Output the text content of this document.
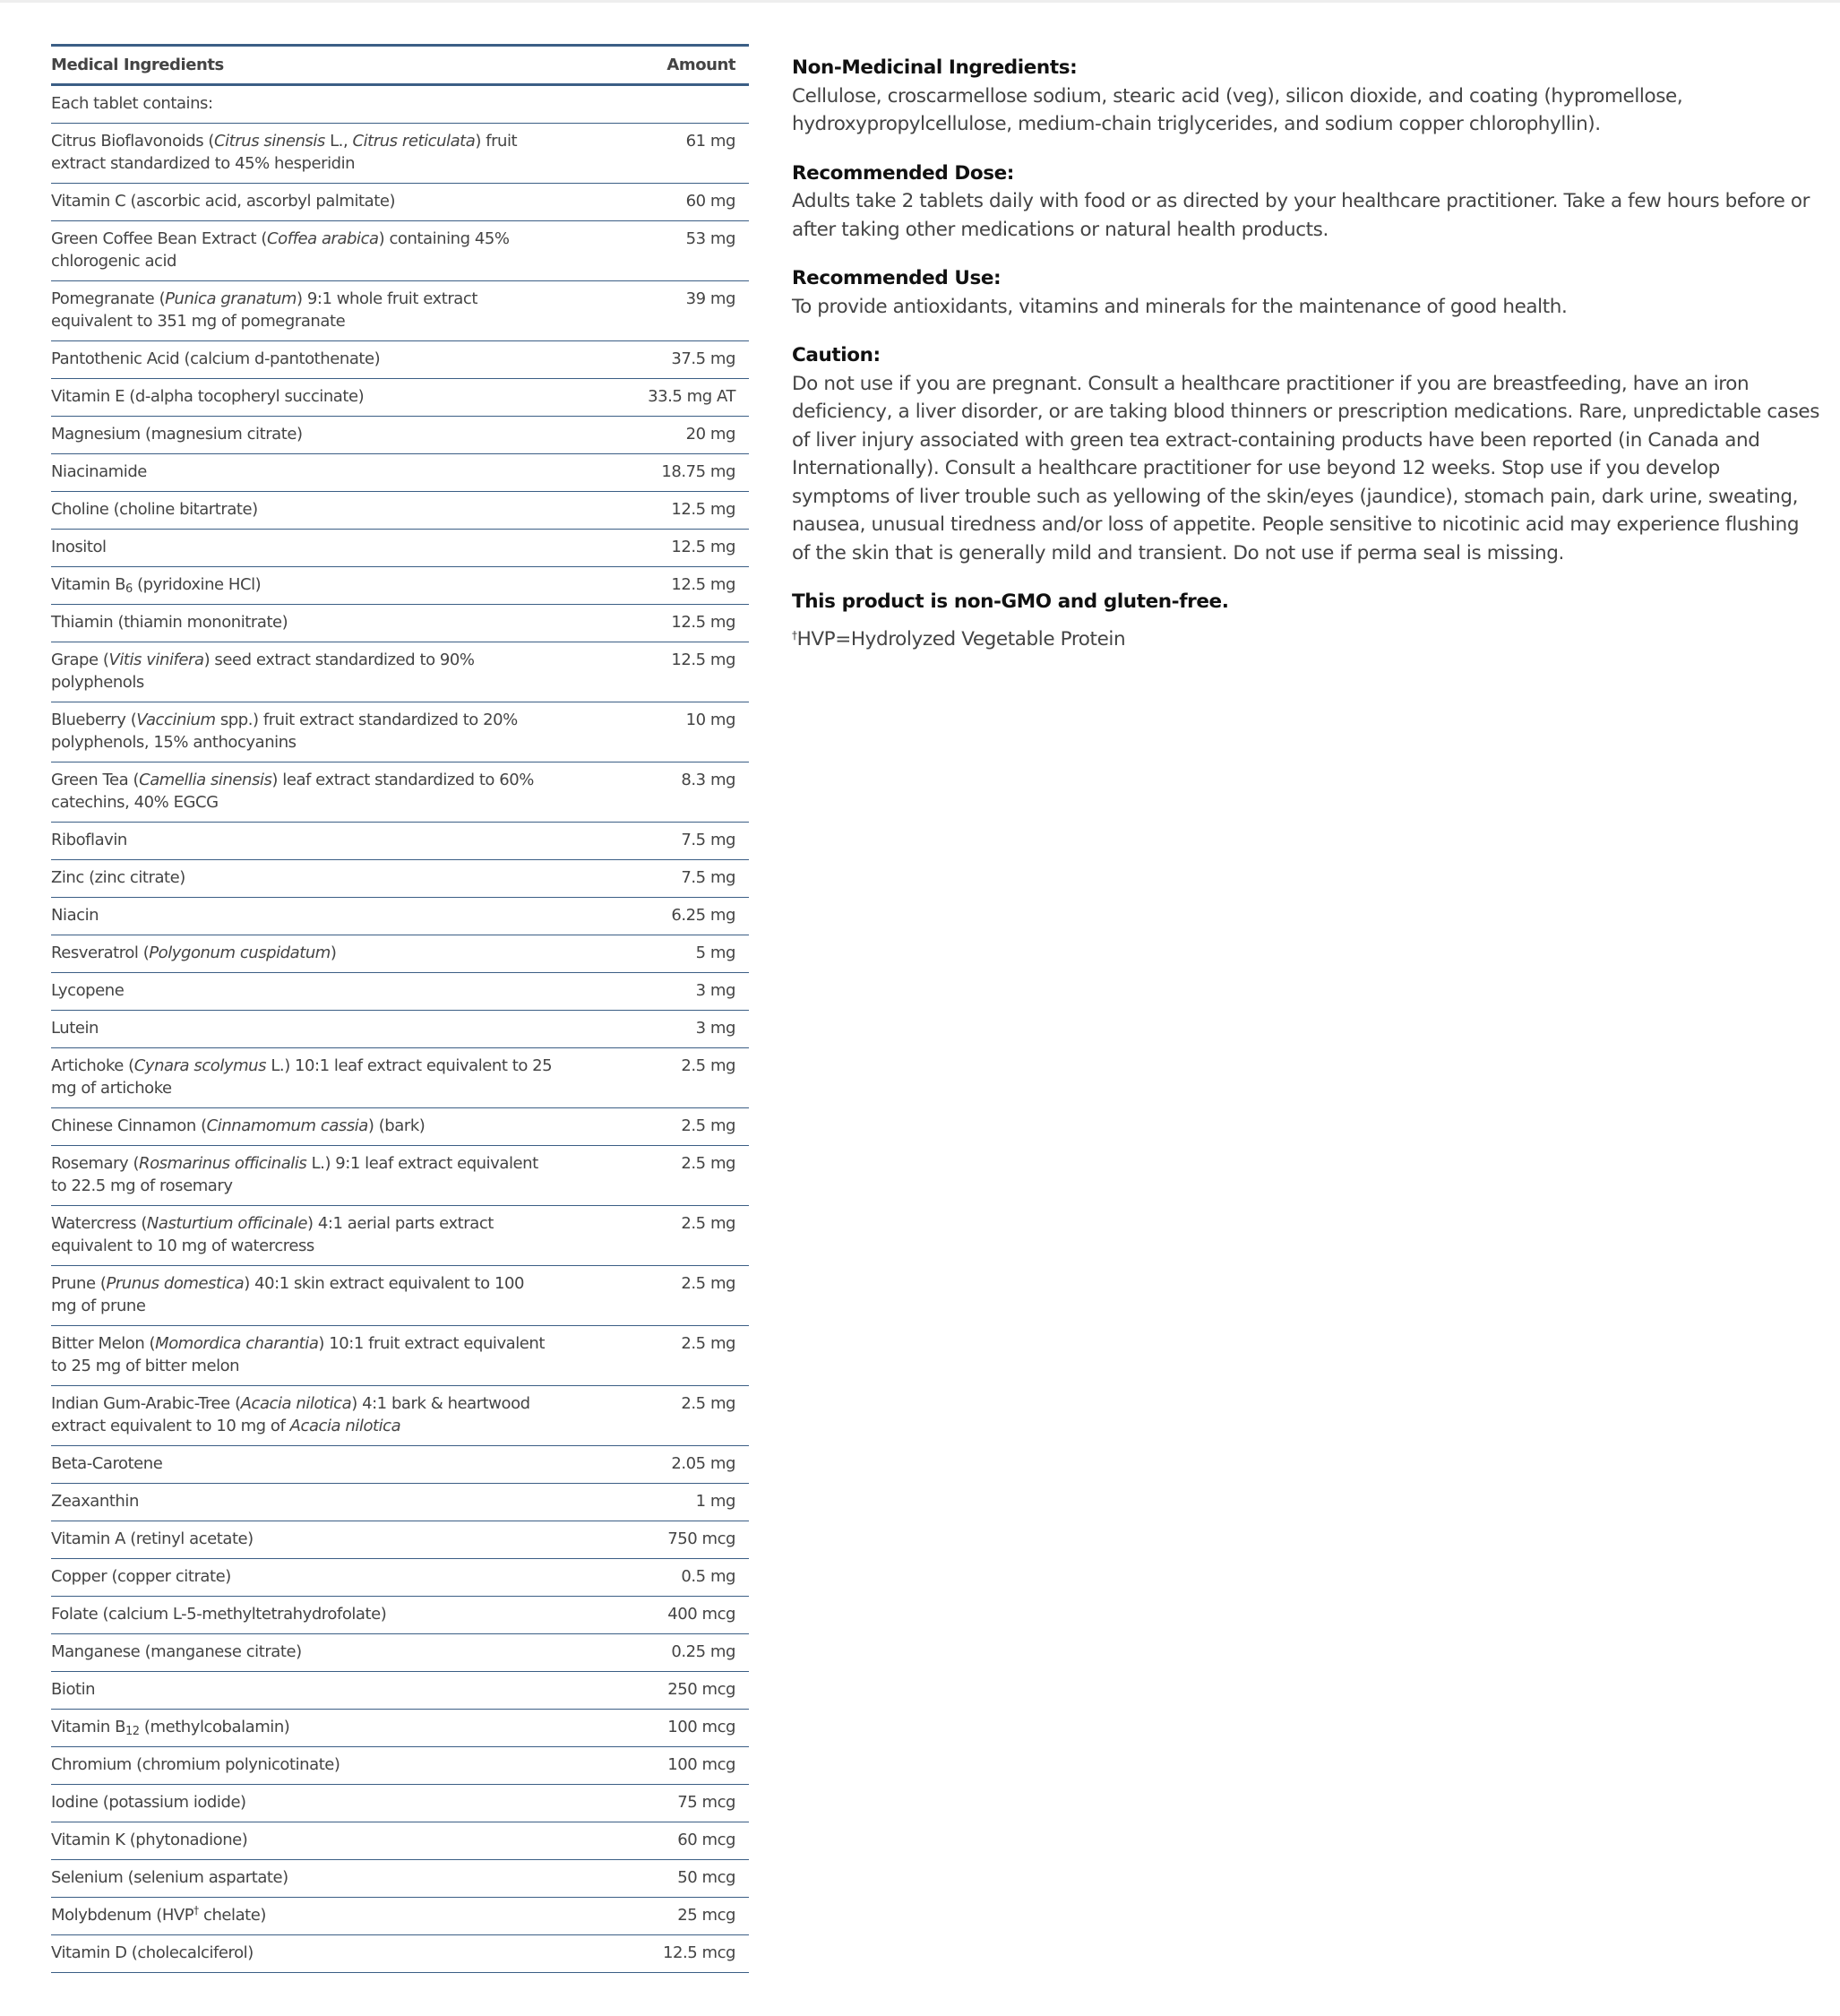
Medical Ingredients	Amount
Each tablet contains:	
Citrus Bioflavonoids (Citrus sinensis L., Citrus reticulata) fruit extract standardized to 45% hesperidin	61 mg
Vitamin C (ascorbic acid, ascorbyl palmitate)	60 mg
Green Coffee Bean Extract (Coffea arabica) containing 45% chlorogenic acid	53 mg
Pomegranate (Punica granatum) 9:1 whole fruit extract equivalent to 351 mg of pomegranate	39 mg
Pantothenic Acid (calcium d-pantothenate)	37.5 mg
Vitamin E (d-alpha tocopheryl succinate)	33.5 mg AT
Magnesium (magnesium citrate)	20 mg
Niacinamide	18.75 mg
Choline (choline bitartrate)	12.5 mg
Inositol	12.5 mg
Vitamin $B_6$ (pyridoxine HCl)	12.5 mg
Thiamin (thiamin mononitrate)	12.5 mg
Grape (Vitis vinifera) seed extract standardized to 90% polyphenols	12.5 mg
Blueberry (Vaccinium spp.) fruit extract standardized to 20% polyphenols, 15% anthocyanins	10 mg
Green Tea (Camellia sinensis) leaf extract standardized to 60% catechins, 40% EGCG	8.3 mg
Riboflavin	7.5 mg
Zinc (zinc citrate)	7.5 mg
Niacin	6.25 mg
Resveratrol (Polygonum cuspidatum)	5 mg
Lycopene	3 mg
Lutein	3 mg
Artichoke (Cynara scolymus L.) 10:1 leaf extract equivalent to 25 mg of artichoke	2.5 mg
Chinese Cinnamon (Cinnamomum cassia) (bark)	2.5 mg
Rosemary (Rosmarinus officinalis L.) 9:1 leaf extract equivalent to 22.5 mg of rosemary	2.5 mg
Watercress (Nasturtium officinale) 4:1 aerial parts extract equivalent to 10 mg of watercress	2.5 mg
Prune (Prunus domestica) 40:1 skin extract equivalent to 100 mg of prune	2.5 mg
Bitter Melon (Momordica charantia) 10:1 fruit extract equivalent to 25 mg of bitter melon	2.5 mg
Indian Gum-Arabic-Tree (Acacia nilotica) 4:1 bark & heartwood extract equivalent to 10 mg of Acacia nilotica	2.5 mg
Beta-Carotene	2.05 mg
Zeaxanthin	1 mg
Vitamin A (retinyl acetate)	750 mcg
Copper (copper citrate)	0.5 mg
Folate (calcium L-5-methyltetrahydrofolate)	400 mcg
Manganese (manganese citrate)	0.25 mg
Biotin	250 mcg
Vitamin $B_{12}$ (methylcobalamin)	100 mcg
Chromium (chromium polynicotinate)	100 mcg
Iodine (potassium iodide)	75 mcg
Vitamin K (phytonadione)	60 mcg
Selenium (selenium aspartate)	50 mcg
Molybdenum (HVP† chelate)	25 mcg
Vitamin D (cholecalciferol)	12.5 mcg
Non-Medicinal Ingredients:

Cellulose, croscarmellose sodium, stearic acid (veg), silicon dioxide, and coating (hypromellose, hydroxypropylcellulose, medium-chain triglycerides, and sodium copper chlorophyllin).

Recommended Dose:

Adults take 2 tablets daily with food or as directed by your healthcare practitioner. Take a few hours before or after taking other medications or natural health products.

Recommended Use:

To provide antioxidants, vitamins and minerals for the maintenance of good health.

Caution:

Do not use if you are pregnant. Consult a healthcare practitioner if you are breastfeeding, have an iron deficiency, a liver disorder, or are taking blood thinners or prescription medications. Rare, unpredictable cases of liver injury associated with green tea extract-containing products have been reported (in Canada and Internationally). Consult a healthcare practitioner for use beyond 12 weeks. Stop use if you develop symptoms of liver trouble such as yellowing of the skin/eyes (jaundice), stomach pain, dark urine, sweating, nausea, unusual tiredness and/or loss of appetite. People sensitive to nicotinic acid may experience flushing of the skin that is generally mild and transient. Do not use if perma seal is missing.

This product is non-GMO and gluten-free.

†HVP=Hydrolyzed Vegetable Protein
